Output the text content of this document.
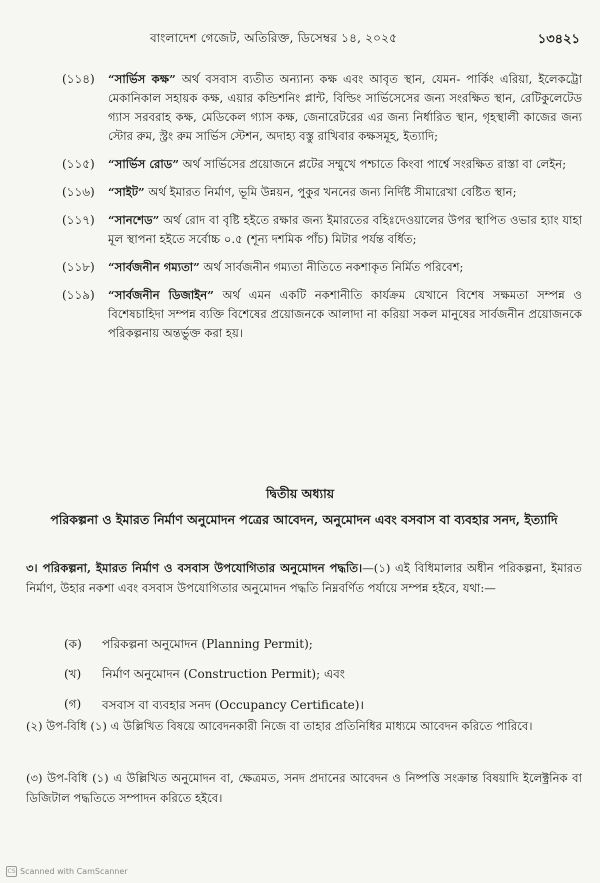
বাংলাদেশ গেজেট, অতিরিক্ত, ডিসেম্বর ১৪, ২০২৫	১৩৪২১
(১১৪)	“সার্ভিস কক্ষ” অর্থ বসবাস ব্যতীত অন্যান্য কক্ষ এবং আবৃত স্থান, যেমন- পার্কিং এরিয়া, ইলেকট্রো মেকানিকাল সহায়ক কক্ষ, এয়ার কন্ডিশনিং প্লান্ট, বিল্ডিং সার্ভিসেসের জন্য সংরক্ষিত স্থান, রেটিকুলেটেড গ্যাস সরবরাহ কক্ষ, মেডিকেল গ্যাস কক্ষ, জেনারেটরের এর জন্য নির্ধারিত স্থান, গৃহস্থালী কাজের জন্য স্টোর রুম, স্ট্রং রুম সার্ভিস স্টেশন, অদাহ্য বস্তু রাখিবার কক্ষসমূহ, ইত্যাদি;
(১১৫)	“সার্ভিস রোড” অর্থ সার্ভিসের প্রয়োজনে প্লটের সম্মুখে পশ্চাতে কিংবা পার্শ্বে সংরক্ষিত রাস্তা বা লেইন;
(১১৬)	“সাইট” অর্থ ইমারত নির্মাণ, ভূমি উন্নয়ন, পুকুর খননের জন্য নির্দিষ্ট সীমারেখা বেষ্টিত স্থান;
(১১৭)	“সানশেড” অর্থ রোদ বা বৃষ্টি হইতে রক্ষার জন্য ইমারতের বহিঃদেওয়ালের উপর স্থাপিত ওভার হ্যাং যাহা মূল স্থাপনা হইতে সর্বোচ্চ ০.৫ (শূন্য দশমিক পাঁচ) মিটার পর্যন্ত বর্ধিত;
(১১৮)	“সার্বজনীন গম্যতা” অর্থ সার্বজনীন গম্যতা নীতিতে নকশাকৃত নির্মিত পরিবেশ;
(১১৯)	“সার্বজনীন ডিজাইন” অর্থ এমন একটি নকশানীতি কার্যক্রম যেখানে বিশেষ সক্ষমতা সম্পন্ন ও বিশেষচাহিদা সম্পন্ন ব্যক্তি বিশেষের প্রয়োজনকে আলাদা না করিয়া সকল মানুষের সার্বজনীন প্রয়োজনকে পরিকল্পনায় অন্তর্ভুক্ত করা হয়।
দ্বিতীয় অধ্যায়
পরিকল্পনা ও ইমারত নির্মাণ অনুমোদন পত্রের আবেদন, অনুমোদন এবং বসবাস বা ব্যবহার সনদ, ইত্যাদি
৩। পরিকল্পনা, ইমারত নির্মাণ ও বসবাস উপযোগিতার অনুমোদন পদ্ধতি।—(১) এই বিধিমালার অধীন পরিকল্পনা, ইমারত নির্মাণ, উহার নকশা এবং বসবাস উপযোগিতার অনুমোদন পদ্ধতি নিম্নবর্ণিত পর্যায়ে সম্পন্ন হইবে, যথা:—
(ক)	পরিকল্পনা অনুমোদন (Planning Permit);
(খ)	নির্মাণ অনুমোদন (Construction Permit); এবং
(গ)	বসবাস বা ব্যবহার সনদ (Occupancy Certificate)।
(২) উপ-বিধি (১) এ উল্লিখিত বিষয়ে আবেদনকারী নিজে বা তাহার প্রতিনিধির মাধ্যমে আবেদন করিতে পারিবে।
(৩) উপ-বিধি (১) এ উল্লিখিত অনুমোদন বা, ক্ষেত্রমত, সনদ প্রদানের আবেদন ও নিষ্পত্তি সংক্রান্ত বিষয়াদি ইলেক্ট্রনিক বা ডিজিটাল পদ্ধতিতে সম্পাদন করিতে হইবে।
CS Scanned with CamScanner
